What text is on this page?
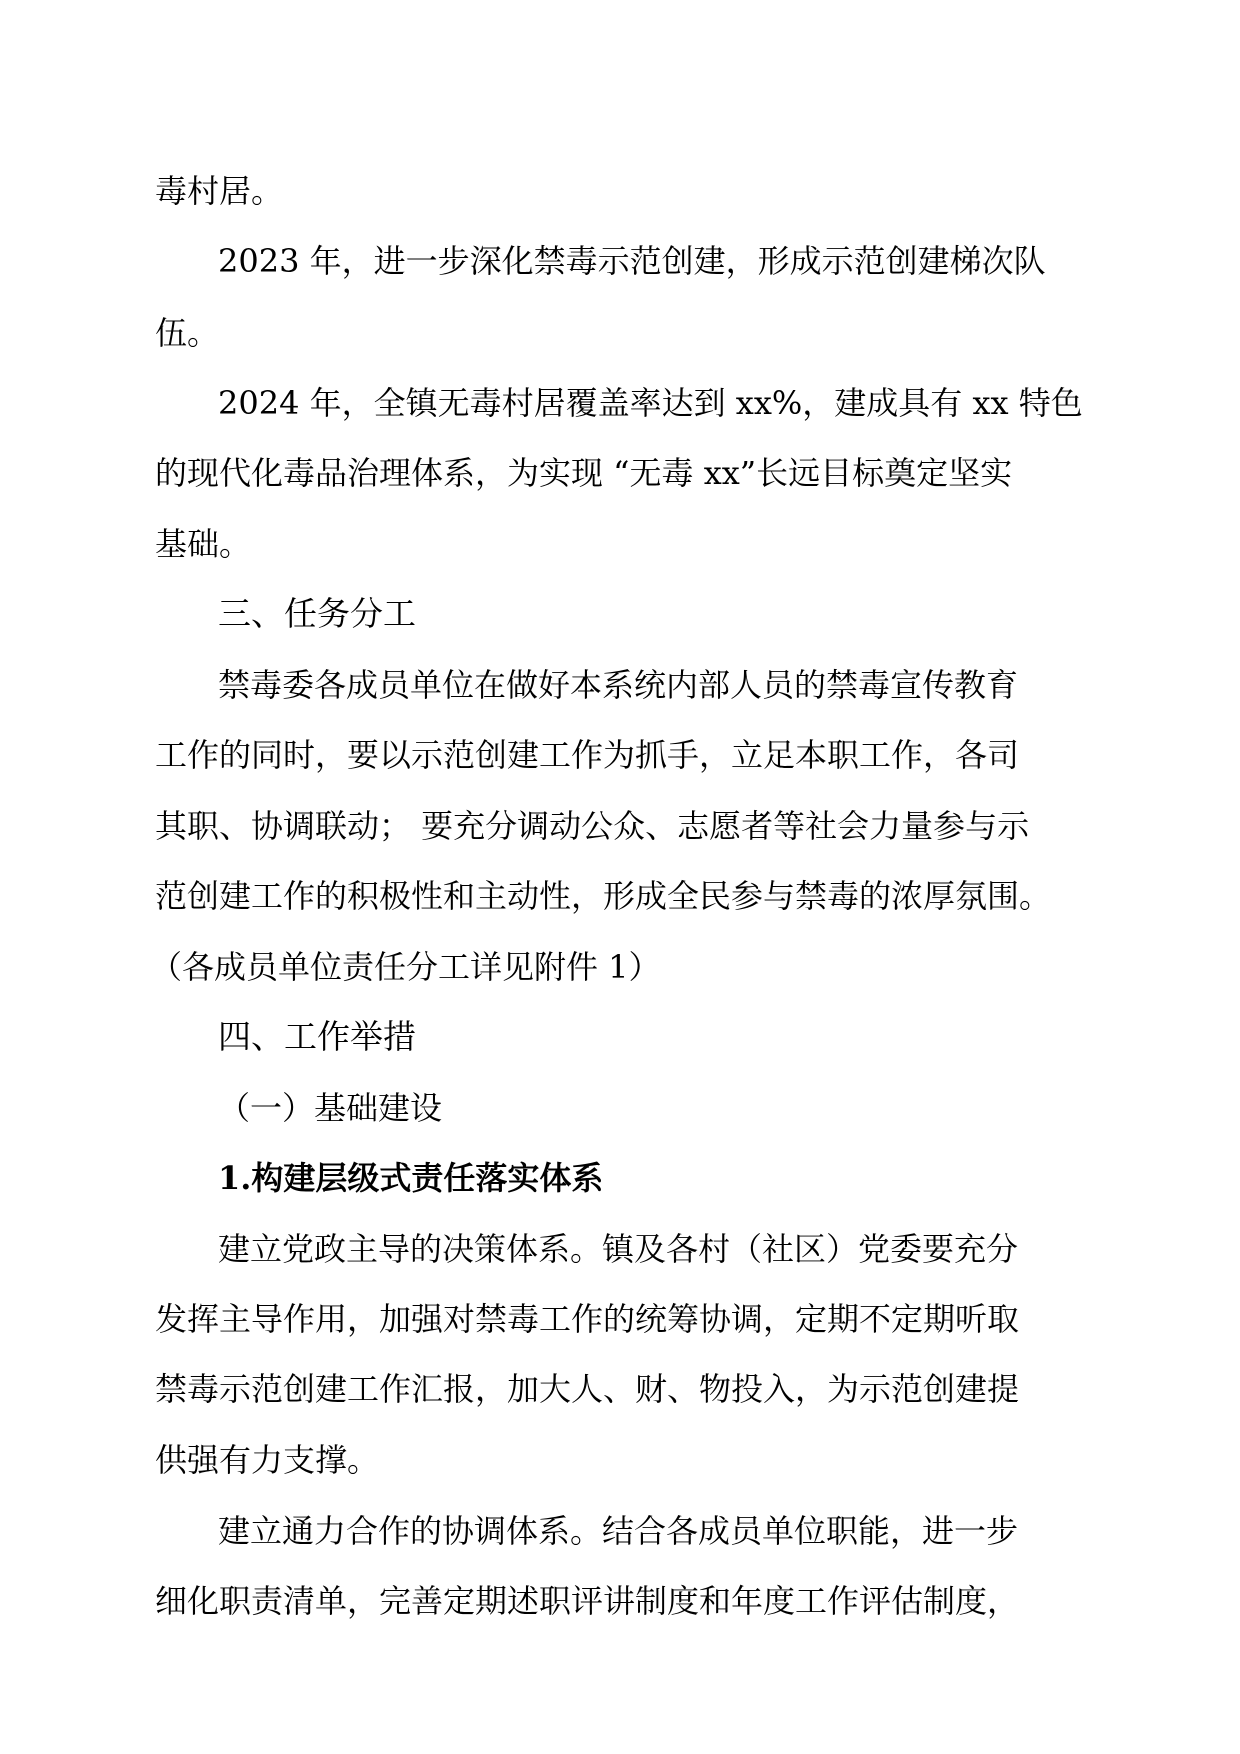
毒村居。
2023 年，进一步深化禁毒示范创建，形成示范创建梯次队
伍。
2024 年，全镇无毒村居覆盖率达到 xx%，建成具有 xx 特色
的现代化毒品治理体系，为实现 “无毒 xx”长远目标奠定坚实
基础。
三、任务分工
禁毒委各成员单位在做好本系统内部人员的禁毒宣传教育
工作的同时，要以示范创建工作为抓手，立足本职工作，各司
其职、协调联动； 要充分调动公众、志愿者等社会力量参与示
范创建工作的积极性和主动性，形成全民参与禁毒的浓厚氛围。
（各成员单位责任分工详见附件 1）
四、工作举措
（一）基础建设
1.构建层级式责任落实体系
建立党政主导的决策体系。镇及各村（社区）党委要充分
发挥主导作用，加强对禁毒工作的统筹协调，定期不定期听取
禁毒示范创建工作汇报，加大人、财、物投入，为示范创建提
供强有力支撑。
建立通力合作的协调体系。结合各成员单位职能，进一步
细化职责清单，完善定期述职评讲制度和年度工作评估制度，
